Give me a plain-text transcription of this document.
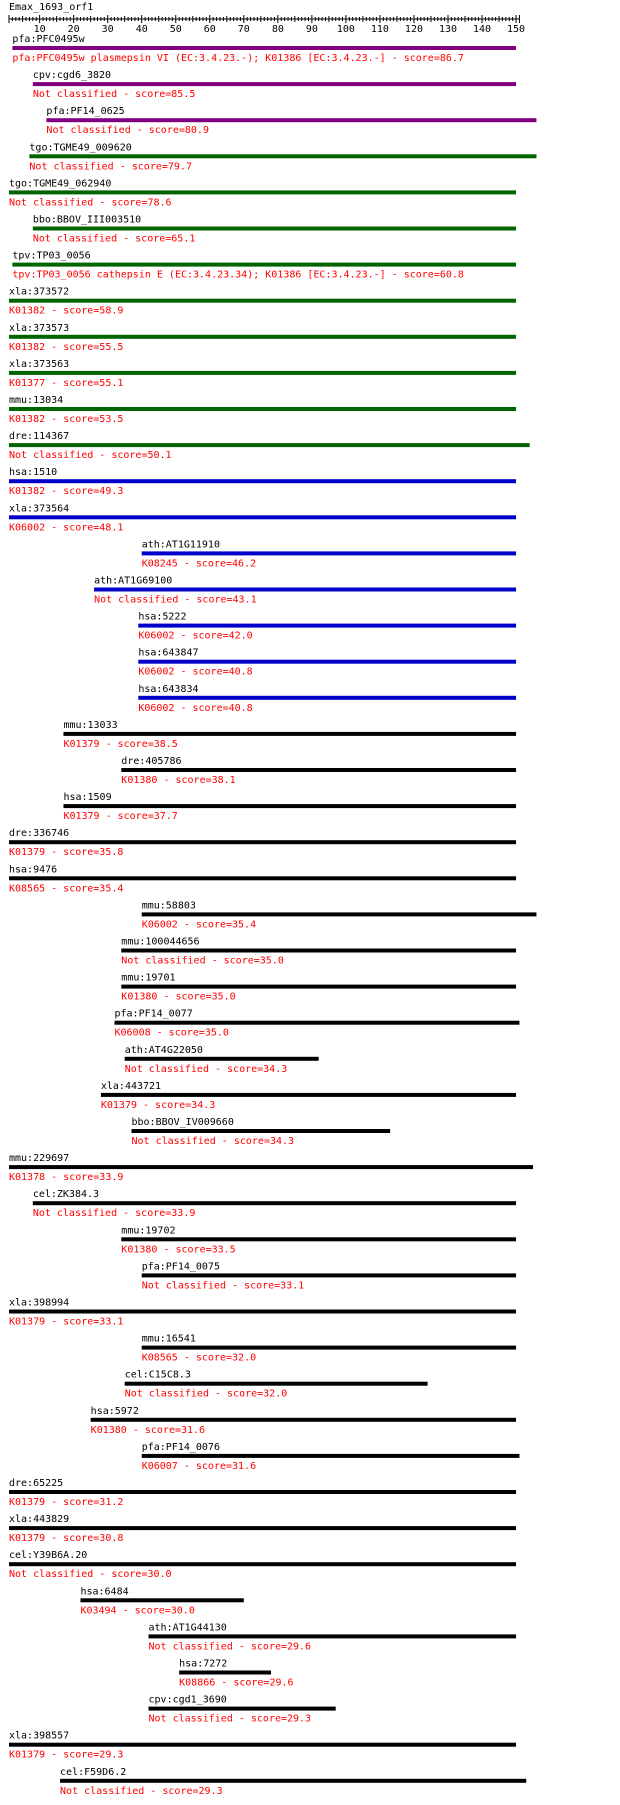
Emax_1693_orf1
10 20 30 40 50 60 70 80 90 100 110 120 130 140 150
pfa:PFC0495w
pfa:PFC0495w plasmepsin VI (EC:3.4.23.-); K01386 [EC:3.4.23.-] - score=86.7
cpv:cgd6_3820
Not classified - score=85.5
pfa:PF14_0625
Not classified - score=80.9
tgo:TGME49_009620
Not classified - score=79.7
tgo:TGME49_062940
Not classified - score=78.6
bbo:BBOV_III003510
Not classified - score=65.1
tpv:TP03_0056
tpv:TP03_0056 cathepsin E (EC:3.4.23.34); K01386 [EC:3.4.23.-] - score=60.8
xla:373572
K01382 - score=58.9
xla:373573
K01382 - score=55.5
xla:373563
K01377 - score=55.1
mmu:13034
K01382 - score=53.5
dre:114367
Not classified - score=50.1
hsa:1510
K01382 - score=49.3
xla:373564
K06002 - score=48.1
ath:AT1G11910
K08245 - score=46.2
ath:AT1G69100
Not classified - score=43.1
hsa:5222
K06002 - score=42.0
hsa:643847
K06002 - score=40.8
hsa:643834
K06002 - score=40.8
mmu:13033
K01379 - score=38.5
dre:405786
K01380 - score=38.1
hsa:1509
K01379 - score=37.7
dre:336746
K01379 - score=35.8
hsa:9476
K08565 - score=35.4
mmu:58803
K06002 - score=35.4
mmu:100044656
Not classified - score=35.0
mmu:19701
K01380 - score=35.0
pfa:PF14_0077
K06008 - score=35.0
ath:AT4G22050
Not classified - score=34.3
xla:443721
K01379 - score=34.3
bbo:BBOV_IV009660
Not classified - score=34.3
mmu:229697
K01378 - score=33.9
cel:ZK384.3
Not classified - score=33.9
mmu:19702
K01380 - score=33.5
pfa:PF14_0075
Not classified - score=33.1
xla:398994
K01379 - score=33.1
mmu:16541
K08565 - score=32.0
cel:C15C8.3
Not classified - score=32.0
hsa:5972
K01380 - score=31.6
pfa:PF14_0076
K06007 - score=31.6
dre:65225
K01379 - score=31.2
xla:443829
K01379 - score=30.8
cel:Y39B6A.20
Not classified - score=30.0
hsa:6484
K03494 - score=30.0
ath:AT1G44130
Not classified - score=29.6
hsa:7272
K08866 - score=29.6
cpv:cgd1_3690
Not classified - score=29.3
xla:398557
K01379 - score=29.3
cel:F59D6.2
Not classified - score=29.3
